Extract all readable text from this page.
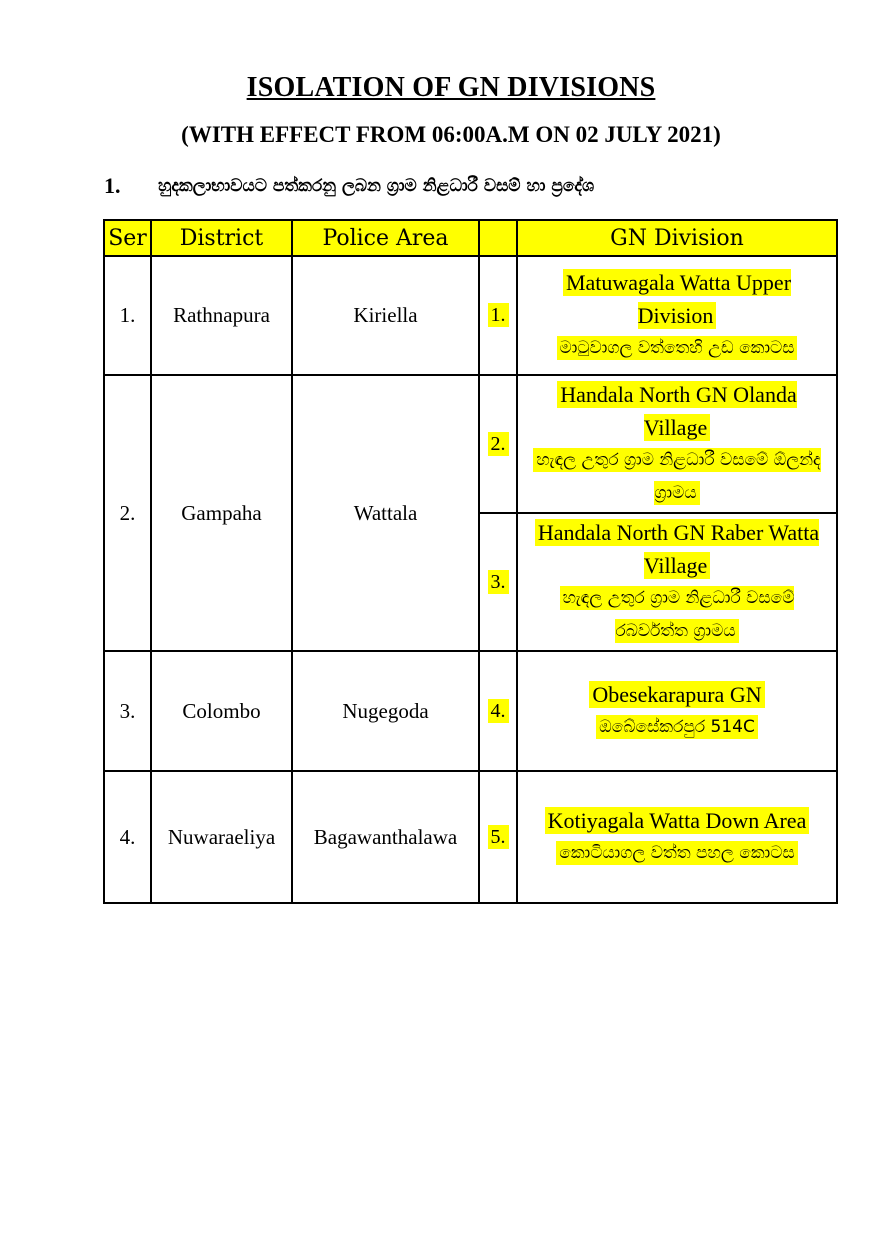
ISOLATION OF GN DIVISIONS
(WITH EFFECT FROM 06:00A.M ON 02 JULY 2021)
1.	හුදකලාභාවයට පත්කරනු ලබන ග්‍රාම නිළධාරී වසම් හා ප්‍රදේශ
Ser	District	Police Area		GN Division
1.	Rathnapura	Kiriella	1.	Matuwagala Watta Upper Division
මාටුවාගල වත්තෙහි උඩ කොටස

2.	Gampaha	Wattala	2.	Handala North GN Olanda Village
හැඳල උතුර ග්‍රාම නිළධාරී වසමේ ඕලන්ද ග්‍රාමය

			3.	Handala North GN Raber Watta Village
හැඳල උතුර ග්‍රාම නිළධාරී වසමේ රබර්වත්ත ග්‍රාමය

3.	Colombo	Nugegoda	4.	Obesekarapura GN
ඔබේසේකරපුර 514C

4.	Nuwaraeliya	Bagawanthalawa	5.	Kotiyagala Watta Down Area
කොටියාගල වත්ත පහල කොටස
